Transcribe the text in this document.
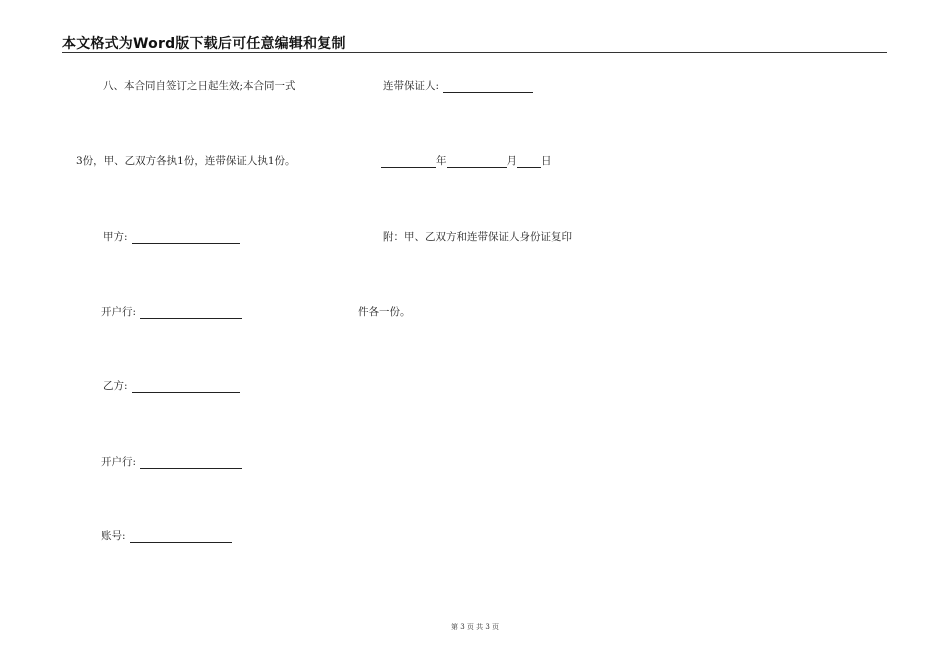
本文格式为Word版下载后可任意编辑和复制
八、本合同自签订之日起生效;本合同一式
3份，甲、乙双方各执1份，连带保证人执1份。
甲方:
开户行:
乙方:
开户行:
账号:
连带保证人:
年	月 日
附：甲、乙双方和连带保证人身份证复印
件各一份。
第 3 页 共 3 页
